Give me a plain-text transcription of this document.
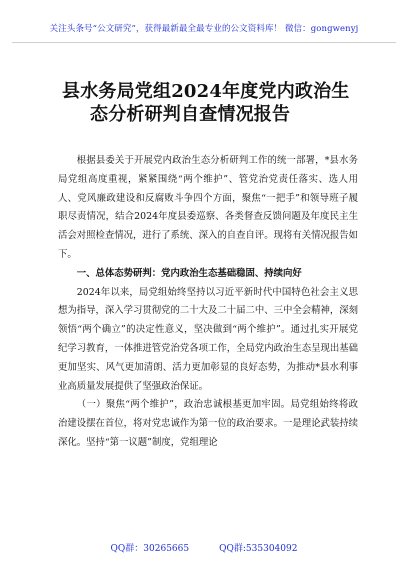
关注头条号“公文研究”，获得最新最全最专业的公文资料库！ 微信：gongwenyj
县水务局党组2024年度党内政治生
态分析研判自查情况报告

根据县委关于开展党内政治生态分析研判工作的统一部署，*县水务局党组高度重视，紧紧围绕“两个维护”、管党治党责任落实、选人用人、党风廉政建设和反腐败斗争四个方面，聚焦“一把手”和领导班子履职尽责情况，结合2024年度县委巡察、各类督查反馈问题及年度民主生活会对照检查情况，进行了系统、深入的自查自评。现将有关情况报告如下。

一、总体态势研判：党内政治生态基础稳固、持续向好

2024年以来，局党组始终坚持以习近平新时代中国特色社会主义思想为指导，深入学习贯彻党的二十大及二十届二中、三中全会精神，深刻领悟“两个确立”的决定性意义，坚决做到“两个维护”。通过扎实开展党纪学习教育，一体推进管党治党各项工作，全局党内政治生态呈现出基础更加坚实、风气更加清朗、活力更加彰显的良好态势，为推动*县水利事业高质量发展提供了坚强政治保证。

（一）聚焦“两个维护”，政治忠诚根基更加牢固。局党组始终将政治建设摆在首位，将对党忠诚作为第一位的政治要求。一是理论武装持续深化。坚持“第一议题”制度，党组理论

QQ群：30265665	QQ群:535304092
